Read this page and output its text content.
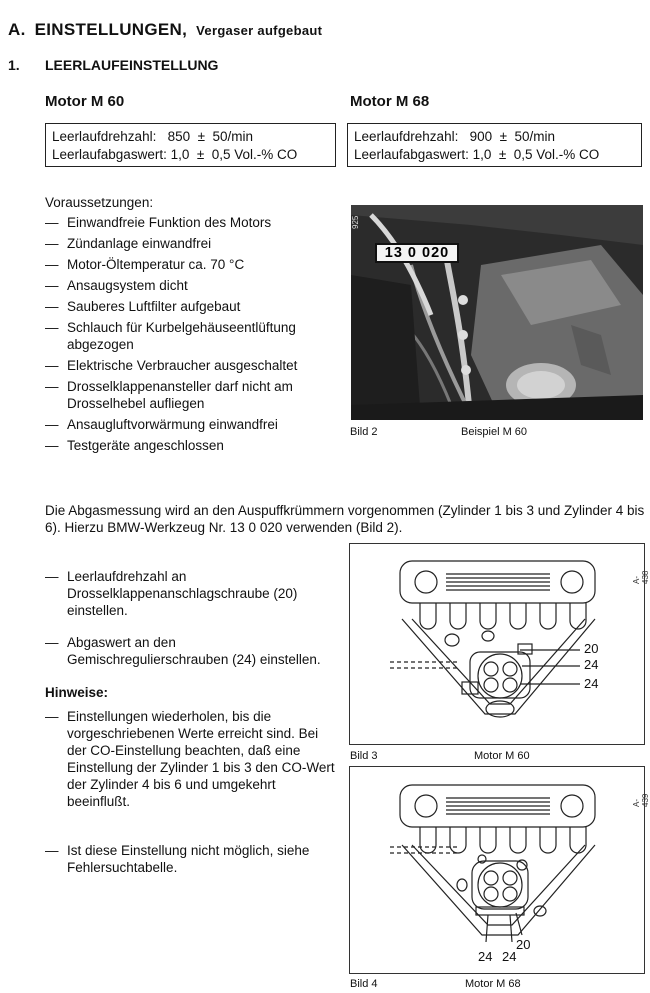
A. EINSTELLUNGEN, Vergaser aufgebaut
1. LEERLAUFEINSTELLUNG
Motor M 60	Motor M 68
Leerlaufdrehzahl:   850  ±  50/min
Leerlaufabgaswert: 1,0  ±  0,5 Vol.-% CO
Leerlaufdrehzahl:   900  ±  50/min
Leerlaufabgaswert: 1,0  ±  0,5 Vol.-% CO
Voraussetzungen:
— Einwandfreie Funktion des Motors
— Zündanlage einwandfrei
— Motor-Öltemperatur ca. 70 °C
— Ansaugsystem dicht
— Sauberes Luftfilter aufgebaut
— Schlauch für Kurbelgehäuseentlüftung abgezogen
— Elektrische Verbraucher ausgeschaltet
— Drosselklappenansteller darf nicht am Drosselhebel aufliegen
— Ansaugluftvorwärmung einwandfrei
— Testgeräte angeschlossen
13 0 020
925
Bild 2	Beispiel M 60
Die Abgasmessung wird an den Auspuffkrümmern vorgenommen (Zylinder 1 bis 3 und Zylinder 4 bis 6). Hierzu BMW-Werkzeug Nr. 13 0 020 verwenden (Bild 2).
— Leerlaufdrehzahl an Drosselklappenanschlagschraube (20) einstellen.
— Abgaswert an den Gemischregulierschrauben (24) einstellen.
Hinweise:
— Einstellungen wiederholen, bis die vorgeschriebenen Werte erreicht sind. Bei der CO-Einstellung beachten, daß eine Einstellung der Zylinder 1 bis 3 den CO-Wert der Zylinder 4 bis 6 und umgekehrt beeinflußt.
— Ist diese Einstellung nicht möglich, siehe Fehlersuchtabelle.
20
24
24
A-438
Bild 3	Motor M 60
20
24 24
A-439
Bild 4	Motor M 68
